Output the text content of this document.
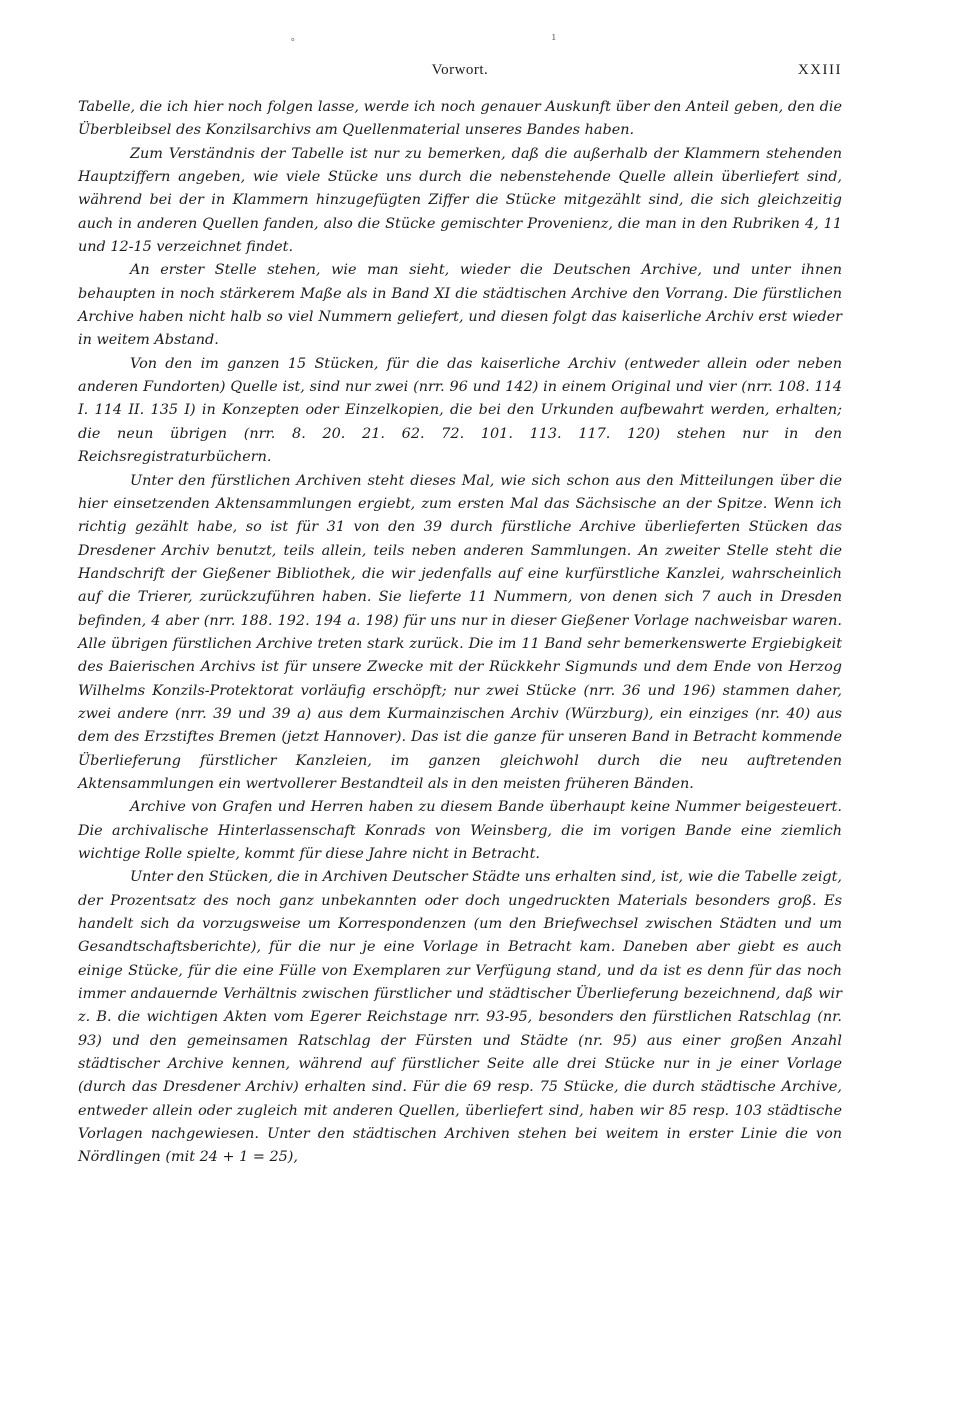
˚
ı
Vorwort.	XXIII

Tabelle, die ich hier noch folgen lasse, werde ich noch genauer Auskunft über den Anteil geben, den die Überbleibsel des Konzilsarchivs am Quellenmaterial unseres Bandes haben.

Zum Verständnis der Tabelle ist nur zu bemerken, daß die außerhalb der Klammern stehenden Hauptziffern angeben, wie viele Stücke uns durch die nebenstehende Quelle allein überliefert sind, während bei der in Klammern hinzugefügten Ziffer die Stücke mitgezählt sind, die sich gleichzeitig auch in anderen Quellen fanden, also die Stücke gemischter Provenienz, die man in den Rubriken 4, 11 und 12-15 verzeichnet findet.

An erster Stelle stehen, wie man sieht, wieder die Deutschen Archive, und unter ihnen behaupten in noch stärkerem Maße als in Band XI die städtischen Archive den Vorrang. Die fürstlichen Archive haben nicht halb so viel Nummern geliefert, und diesen folgt das kaiserliche Archiv erst wieder in weitem Abstand.

Von den im ganzen 15 Stücken, für die das kaiserliche Archiv (entweder allein oder neben anderen Fundorten) Quelle ist, sind nur zwei (nrr. 96 und 142) in einem Original und vier (nrr. 108. 114 I. 114 II. 135 I) in Konzepten oder Einzelkopien, die bei den Urkunden aufbewahrt werden, erhalten; die neun übrigen (nrr. 8. 20. 21. 62. 72. 101. 113. 117. 120) stehen nur in den Reichsregistraturbüchern.

Unter den fürstlichen Archiven steht dieses Mal, wie sich schon aus den Mitteilungen über die hier einsetzenden Aktensammlungen ergiebt, zum ersten Mal das Sächsische an der Spitze. Wenn ich richtig gezählt habe, so ist für 31 von den 39 durch fürstliche Archive überlieferten Stücken das Dresdener Archiv benutzt, teils allein, teils neben anderen Sammlungen. An zweiter Stelle steht die Handschrift der Gießener Bibliothek, die wir jedenfalls auf eine kurfürstliche Kanzlei, wahrscheinlich auf die Trierer, zurückzuführen haben. Sie lieferte 11 Nummern, von denen sich 7 auch in Dresden befinden, 4 aber (nrr. 188. 192. 194 a. 198) für uns nur in dieser Gießener Vorlage nachweisbar waren. Alle übrigen fürstlichen Archive treten stark zurück. Die im 11 Band sehr bemerkenswerte Ergiebigkeit des Baierischen Archivs ist für unsere Zwecke mit der Rückkehr Sigmunds und dem Ende von Herzog Wilhelms Konzils-Protektorat vorläufig erschöpft; nur zwei Stücke (nrr. 36 und 196) stammen daher, zwei andere (nrr. 39 und 39 a) aus dem Kurmainzischen Archiv (Würzburg), ein einziges (nr. 40) aus dem des Erzstiftes Bremen (jetzt Hannover). Das ist die ganze für unseren Band in Betracht kommende Überlieferung fürstlicher Kanzleien, im ganzen gleichwohl durch die neu auftretenden Aktensammlungen ein wertvollerer Bestandteil als in den meisten früheren Bänden.

Archive von Grafen und Herren haben zu diesem Bande überhaupt keine Nummer beigesteuert. Die archivalische Hinterlassenschaft Konrads von Weinsberg, die im vorigen Bande eine ziemlich wichtige Rolle spielte, kommt für diese Jahre nicht in Betracht.

Unter den Stücken, die in Archiven Deutscher Städte uns erhalten sind, ist, wie die Tabelle zeigt, der Prozentsatz des noch ganz unbekannten oder doch ungedruckten Materials besonders groß. Es handelt sich da vorzugsweise um Korrespondenzen (um den Briefwechsel zwischen Städten und um Gesandtschaftsberichte), für die nur je eine Vorlage in Betracht kam. Daneben aber giebt es auch einige Stücke, für die eine Fülle von Exemplaren zur Verfügung stand, und da ist es denn für das noch immer andauernde Verhältnis zwischen fürstlicher und städtischer Überlieferung bezeichnend, daß wir z. B. die wichtigen Akten vom Egerer Reichstage nrr. 93-95, besonders den fürstlichen Ratschlag (nr. 93) und den gemeinsamen Ratschlag der Fürsten und Städte (nr. 95) aus einer großen Anzahl städtischer Archive kennen, während auf fürstlicher Seite alle drei Stücke nur in je einer Vorlage (durch das Dresdener Archiv) erhalten sind. Für die 69 resp. 75 Stücke, die durch städtische Archive, entweder allein oder zugleich mit anderen Quellen, überliefert sind, haben wir 85 resp. 103 städtische Vorlagen nachgewiesen. Unter den städtischen Archiven stehen bei weitem in erster Linie die von Nördlingen (mit 24 + 1 = 25),
